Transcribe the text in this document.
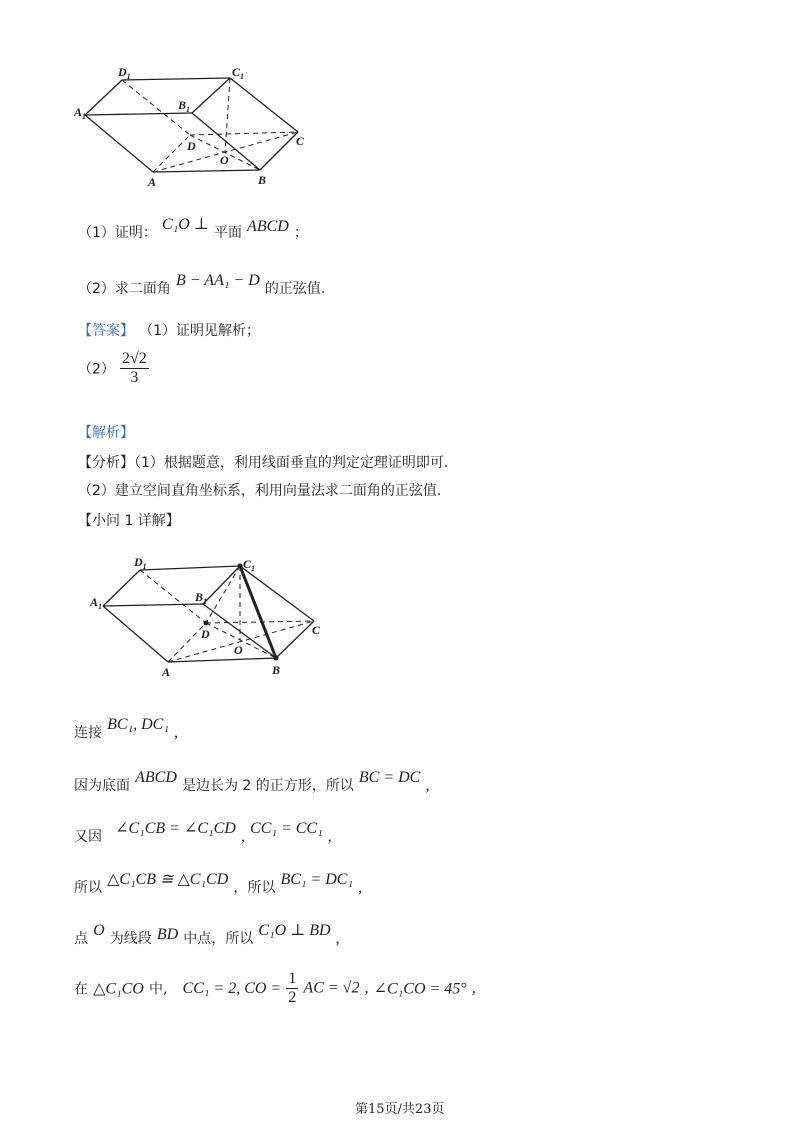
$D_1$	$C_1$
$A_1$
$B_1$
D
O
C
A	B
（1）证明： C₁O ⊥ 平面 ABCD ；
（2）求二面角 B − AA₁ − D 的正弦值.
【答案】 （1）证明见解析；
$(2) \frac{2√2}{3}$
【解析】
【分析】（1）根据题意，利用线面垂直的判定定理证明即可.
（2）建立空间直角坐标系，利用向量法求二面角的正弦值.
【小问 1 详解】
$D_1$	$C_1$
$A_1$
$B_1$
D
O
C
A	B
连接 BC₁, DC₁ ,
因为底面 ABCD 是边长为 2 的正方形，所以 BC = DC ,
又因 ∠C₁CB = ∠C₁CD , CC₁ = CC₁ ,
所以 △C₁CB ≅ △C₁CD ，所以 BC₁ = DC₁ ,
点 O 为线段 BD 中点，所以 C₁O ⊥ BD ,
在 △C₁CO 中, CC₁ = 2, CO = $\frac{1}{2}$ AC = √2 , ∠C₁CO = 45° ,
第15页/共23页
